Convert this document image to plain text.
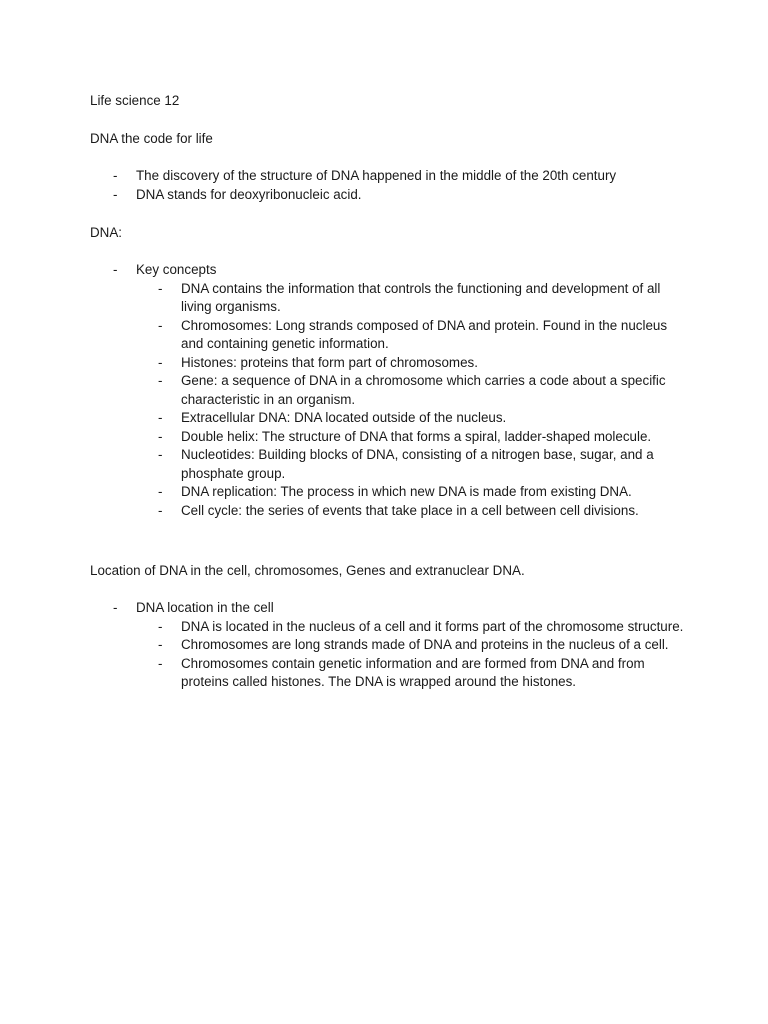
Life science 12

DNA the code for life

- The discovery of the structure of DNA happened in the middle of the 20th century
- DNA stands for deoxyribonucleic acid.

DNA:

- Key concepts
- DNA contains the information that controls the functioning and development of all living organisms.
- Chromosomes: Long strands composed of DNA and protein. Found in the nucleus and containing genetic information.
- Histones: proteins that form part of chromosomes.
- Gene: a sequence of DNA in a chromosome which carries a code about a specific characteristic in an organism.
- Extracellular DNA: DNA located outside of the nucleus.
- Double helix: The structure of DNA that forms a spiral, ladder-shaped molecule.
- Nucleotides: Building blocks of DNA, consisting of a nitrogen base, sugar, and a phosphate group.
- DNA replication: The process in which new DNA is made from existing DNA.
- Cell cycle: the series of events that take place in a cell between cell divisions.

Location of DNA in the cell, chromosomes, Genes and extranuclear DNA.

- DNA location in the cell
- DNA is located in the nucleus of a cell and it forms part of the chromosome structure.
- Chromosomes are long strands made of DNA and proteins in the nucleus of a cell.
- Chromosomes contain genetic information and are formed from DNA and from proteins called histones. The DNA is wrapped around the histones.
